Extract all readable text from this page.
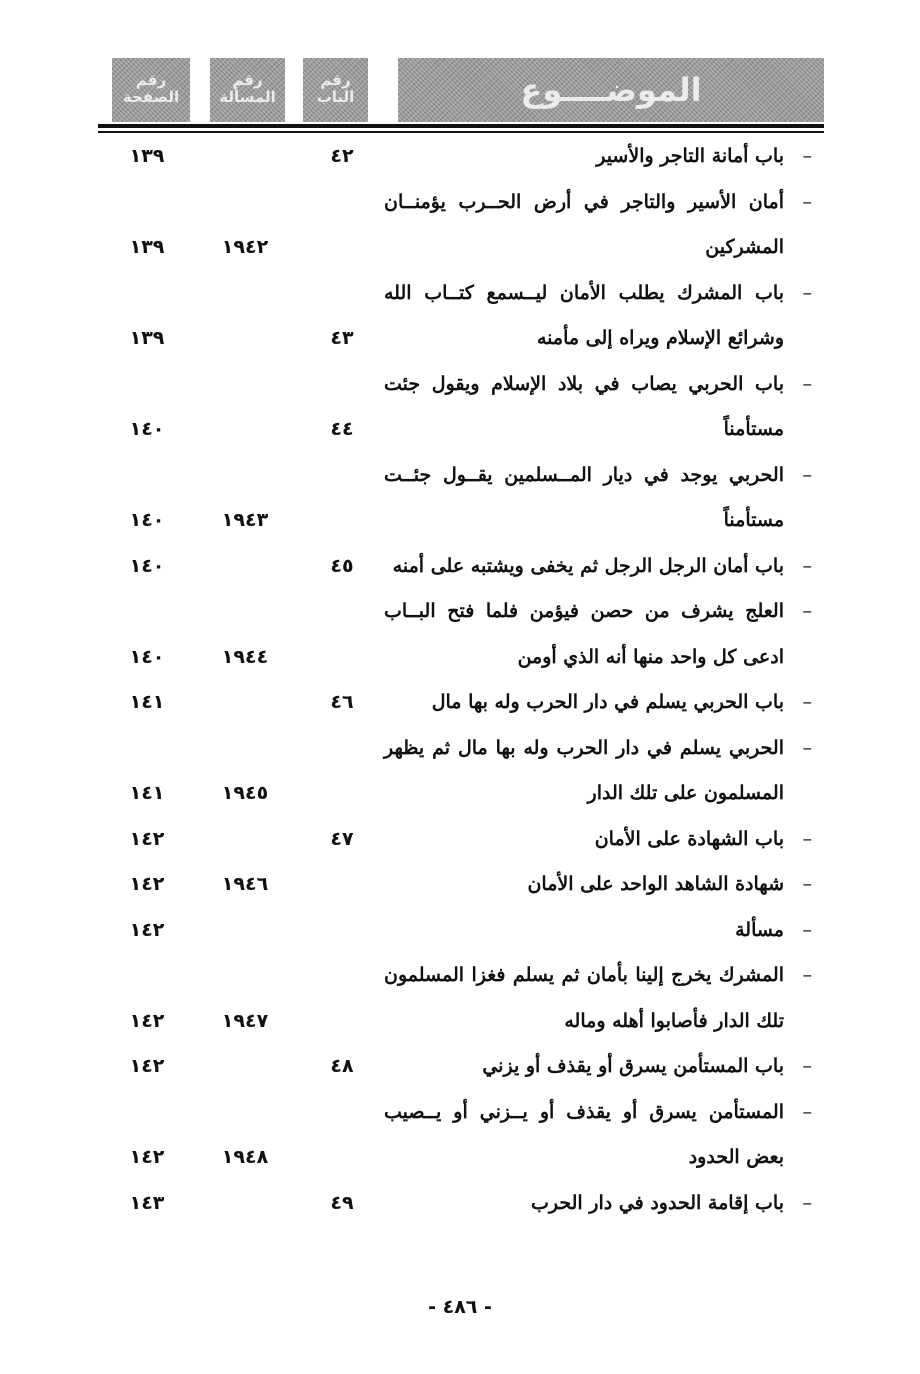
الموضــــوع
رقم
الباب
رقم
المسألة
رقم
الصفحة
–
باب أمانة التاجر والأسير
٤٢
١٣٩
–
أمان الأسير والتاجر في أرض الحــرب يؤمنــان
المشركين
١٩٤٢
١٣٩
–
باب المشرك يطلب الأمان ليــسمع كتــاب الله
وشرائع الإسلام ويراه إلى مأمنه
٤٣
١٣٩
–
باب الحربي يصاب في بلاد الإسلام ويقول جئت
مستأمناً
٤٤
١٤٠
–
الحربي يوجد في ديار المــسلمين يقــول جئــت
مستأمناً
١٩٤٣
١٤٠
–
باب أمان الرجل الرجل ثم يخفى ويشتبه على أمنه
٤٥
١٤٠
–
العلج يشرف من حصن فيؤمن فلما فتح البــاب
ادعى كل واحد منها أنه الذي أومن
١٩٤٤
١٤٠
–
باب الحربي يسلم في دار الحرب وله بها مال
٤٦
١٤١
–
الحربي يسلم في دار الحرب وله بها مال ثم يظهر
المسلمون على تلك الدار
١٩٤٥
١٤١
–
باب الشهادة على الأمان
٤٧
١٤٢
–
شهادة الشاهد الواحد على الأمان
١٩٤٦
١٤٢
–
مسألة
١٤٢
–
المشرك يخرج إلينا بأمان ثم يسلم فغزا المسلمون
تلك الدار فأصابوا أهله وماله
١٩٤٧
١٤٢
–
باب المستأمن يسرق أو يقذف أو يزني
٤٨
١٤٢
–
المستأمن يسرق أو يقذف أو يــزني أو يــصيب
بعض الحدود
١٩٤٨
١٤٢
–
باب إقامة الحدود في دار الحرب
٤٩
١٤٣
- ٤٨٦ -
